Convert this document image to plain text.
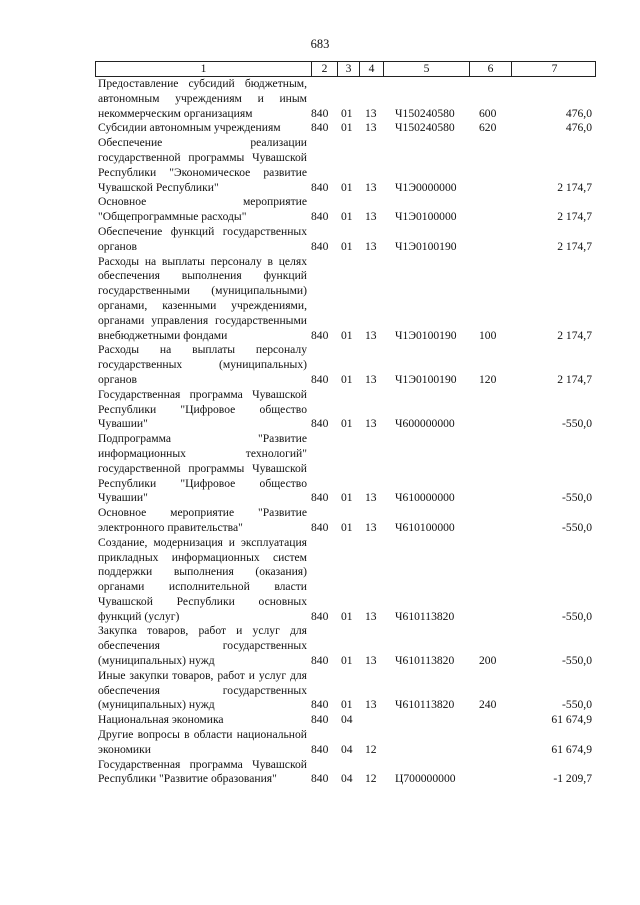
683
1	2	3	4	5	6	7
Предоставление субсидий бюджетным, автономным учреждениям и иным некоммерческим организациям	840 01 13 Ч150240580 600	476,0
Субсидии автономным учреждениям	840 01 13 Ч150240580 620	476,0
Обеспечение реализации государственной программы Чувашской Республики "Экономическое развитие Чувашской Республики"	840 01 13 Ч1Э0000000	2 174,7
Основное мероприятие "Общепрограммные расходы"	840 01 13 Ч1Э0100000	2 174,7
Обеспечение функций государственных органов	840 01 13 Ч1Э0100190	2 174,7
Расходы на выплаты персоналу в целях обеспечения выполнения функций государственными (муниципальными) органами, казенными учреждениями, органами управления государственными внебюджетными фондами	840 01 13 Ч1Э0100190 100	2 174,7
Расходы на выплаты персоналу государственных (муниципальных) органов	840 01 13 Ч1Э0100190 120	2 174,7
Государственная программа Чувашской Республики "Цифровое общество Чувашии"	840 01 13 Ч600000000	-550,0
Подпрограмма "Развитие информационных технологий" государственной программы Чувашской Республики "Цифровое общество Чувашии"	840 01 13 Ч610000000	-550,0
Основное мероприятие "Развитие электронного правительства"	840 01 13 Ч610100000	-550,0
Создание, модернизация и эксплуатация прикладных информационных систем поддержки выполнения (оказания) органами исполнительной власти Чувашской Республики основных функций (услуг)	840 01 13 Ч610113820	-550,0
Закупка товаров, работ и услуг для обеспечения государственных (муниципальных) нужд	840 01 13 Ч610113820 200	-550,0
Иные закупки товаров, работ и услуг для обеспечения государственных (муниципальных) нужд	840 01 13 Ч610113820 240	-550,0
Национальная экономика	840 04	61 674,9
Другие вопросы в области национальной экономики	840 04 12	61 674,9
Государственная программа Чувашской Республики "Развитие образования"	840 04 12 Ц700000000	-1 209,7
